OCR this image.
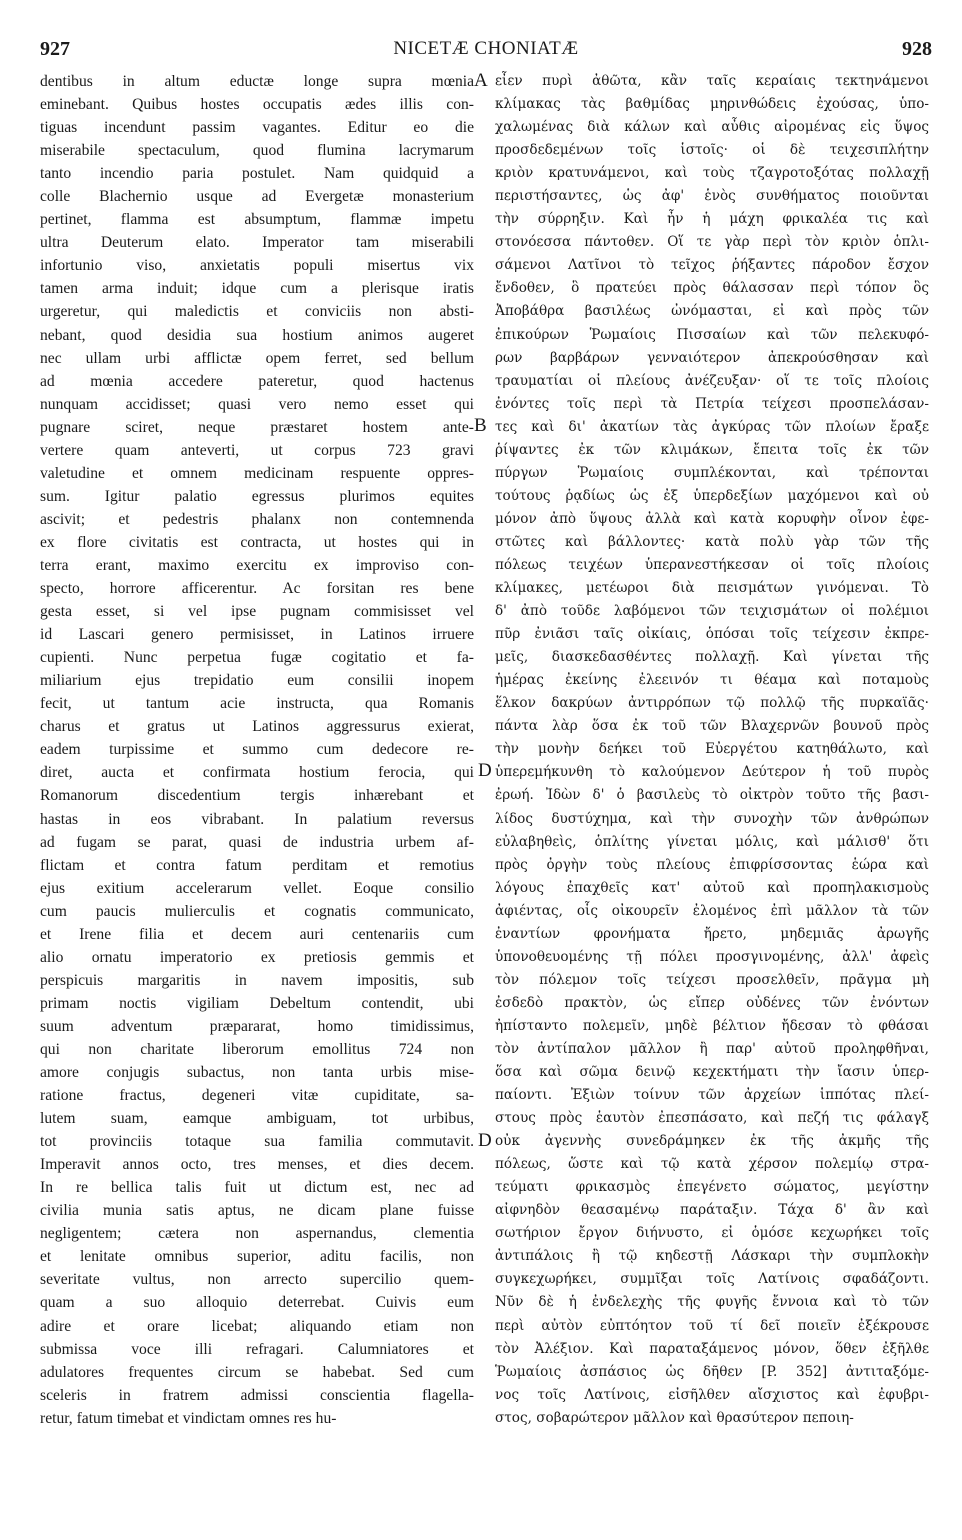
927	NICETÆ CHONIATÆ	928
dentibus in altum eductæ longe supra mœnia
eminebant. Quibus hostes occupatis ædes illis con-
tiguas incendunt passim vagantes. Editur eo die
miserabile spectaculum, quod flumina lacrymarum
tanto incendio paria postulet. Nam quidquid a
colle Blachernio usque ad Evergetæ monasterium
pertinet, flamma est absumptum, flammæ impetu
ultra Deuterum elato. Imperator tam miserabili
infortunio viso, anxietatis populi misertus vix
tamen arma induit; idque cum a plerisque iratis
urgeretur, qui maledictis et conviciis non absti-
nebant, quod desidia sua hostium animos augeret
nec ullam urbi afflictæ opem ferret, sed bellum
ad mœnia accedere pateretur, quod hactenus
nunquam accidisset; quasi vero nemo esset qui
pugnare sciret, neque præstaret hostem ante-
vertere quam anteverti, ut corpus 723 gravi
valetudine et omnem medicinam respuente oppres-
sum. Igitur palatio egressus plurimos equites
ascivit; et pedestris phalanx non contemnenda
ex flore civitatis est contracta, ut hostes qui in
terra erant, maximo exercitu ex improviso con-
specto, horrore afficerentur. Ac forsitan res bene
gesta esset, si vel ipse pugnam commisisset vel
id Lascari genero permisisset, in Latinos irruere
cupienti. Nunc perpetua fugæ cogitatio et fa-
miliarium ejus trepidatio eum consilii inopem
fecit, ut tantum acie instructa, qua Romanis
charus et gratus ut Latinos aggressurus exierat,
eadem turpissime et summo cum dedecore re-
diret, aucta et confirmata hostium ferocia, qui
Romanorum discedentium tergis inhærebant et
hastas in eos vibrabant. In palatium reversus
ad fugam se parat, quasi de industria urbem af-
flictam et contra fatum perditam et remotius
ejus exitium accelerarum vellet. Eoque consilio
cum paucis mulierculis et cognatis communicato,
et Irene filia et decem auri centenariis cum
alio ornatu imperatorio ex pretiosis gemmis et
perspicuis margaritis in navem impositis, sub
primam noctis vigiliam Debeltum contendit, ubi
suum adventum præpararat, homo timidissimus,
qui non charitate liberorum emollitus 724 non
amore conjugis subactus, non tanta urbis mise-
ratione fractus, degeneri vitæ cupiditate, sa-
lutem suam, eamque ambiguam, tot urbibus,
tot provinciis totaque sua familia commutavit.
Imperavit annos octo, tres menses, et dies decem.
In re bellica talis fuit ut dictum est, nec ad
civilia munia satis aptus, ne dicam plane fuisse
negligentem; cætera non aspernandus, clementia
et lenitate omnibus superior, aditu facilis, non
severitate vultus, non arrecto supercilio quem-
quam a suo alloquio deterrebat. Cuivis eum
adire et orare licebat; aliquando etiam non
submissa voce illi refragari. Calumniatores et
adulatores frequentes circum se habebat. Sed cum
sceleris in fratrem admissi conscientia flagella-
retur, fatum timebat et vindictam omnes res hu-
εἶεν πυρὶ ἀθῶτα, κἂν ταῖς κεραίαις τεκτηνάμενοι
κλίμακας τὰς βαθμίδας μηρινθώδεις ἐχούσας, ὑπο-
χαλωμένας διὰ κάλων καὶ αὖθις αἰρομένας εἰς ὕψος
προσδεδεμένων τοῖς ἱστοῖς· οἱ δὲ τειχεσιπλήτην
κριὸν κρατυνάμενοι, καὶ τοὺς τζαγροτοξότας πολλαχῇ
περιστήσαντες, ὡς ἀφ' ἑνὸς συνθήματος ποιοῦνται
τὴν σύρρηξιν. Καὶ ἦν ἡ μάχη φρικαλέα τις καὶ
στονόεσσα πάντοθεν. Οἵ τε γὰρ περὶ τὸν κριὸν ὁπλι-
σάμενοι Λατῖνοι τὸ τεῖχος ῥήξαντες πάροδον ἔσχον
ἔνδοθεν, ὃ πρατεύει πρὸς θάλασσαν περὶ τόπον ὃς
Ἀποβάθρα βασιλέως ὠνόμασται, εἰ καὶ πρὸς τῶν
ἐπικούρων Ῥωμαίοις Πισσαίων καὶ τῶν πελεκυφό-
ρων βαρβάρων γενναιότερον ἀπεκρούσθησαν καὶ
τραυματίαι οἱ πλείους ἀνέζευξαν· οἵ τε τοῖς πλοίοις
ἐνόντες τοῖς περὶ τὰ Πετρία τείχεσι προσπελάσαν-
τες καὶ δι' ἀκατίων τὰς ἀγκύρας τῶν πλοίων ἔραξε
ῥίψαντες ἐκ τῶν κλιμάκων, ἔπειτα τοῖς ἐκ τῶν
πύργων Ῥωμαίοις συμπλέκονται, καὶ τρέπονται
τούτους ῥᾳδίως ὡς ἐξ ὑπερδεξίων μαχόμενοι καὶ οὐ
μόνον ἀπὸ ὕψους ἀλλὰ καὶ κατὰ κορυφὴν οἷνον ἐφε-
στῶτες καὶ βάλλοντες· κατὰ πολὺ γὰρ τῶν τῆς
πόλεως τειχέων ὑπερανεστήκεσαν οἱ τοῖς πλοίοις
κλίμακες, μετέωροι διὰ πεισμάτων γινόμεναι. Τὸ
δ' ἀπὸ τοῦδε λαβόμενοι τῶν τειχισμάτων οἱ πολέμιοι
πῦρ ἐνιᾶσι ταῖς οἰκίαις, ὁπόσαι τοῖς τείχεσιν ἐκπρε-
μεῖς, διασκεδασθέντες πολλαχῇ. Καὶ γίνεται τῆς
ἡμέρας ἐκείνης ἐλεεινόν τι θέαμα καὶ ποταμοὺς
ἕλκον δακρύων ἀντιρρόπων τῷ πολλῷ τῆς πυρκαϊᾶς·
πάντα λὰρ ὅσα ἐκ τοῦ τῶν Βλαχερνῶν βουνοῦ πρὸς
τὴν μονὴν δεήκει τοῦ Εὐεργέτου κατηθάλωτο, καὶ
ὑπερεμήκυνθη τὸ καλούμενον Δεύτερον ἡ τοῦ πυρὸς
ἐρωή. Ἰδὼν δ' ὁ βασιλεὺς τὸ οἰκτρὸν τοῦτο τῆς βασι-
λίδος δυστύχημα, καὶ τὴν συνοχὴν τῶν ἀνθρώπων
εὐλαβηθεὶς, ὁπλίτης γίνεται μόλις, καὶ μάλισθ' ὅτι
πρὸς ὀργὴν τοὺς πλείους ἐπιφρίσσοντας ἑώρα καὶ
λόγους ἐπαχθεῖς κατ' αὐτοῦ καὶ προπηλακισμοὺς
ἀφιέντας, οἷς οἰκουρεῖν ἐλομένος ἐπὶ μᾶλλον τὰ τῶν
ἐναντίων φρονήματα ἤρετο, μηδεμιᾶς ἀρωγῆς
ὑπονοθευομένης τῇ πόλει προσγινομένης, ἀλλ' ἀφεὶς
τὸν πόλεμον τοῖς τείχεσι προσελθεῖν, πρᾶγμα μὴ
ἐσδεδὸ πρακτὸν, ὡς εἴπερ οὐδένες τῶν ἐνόντων
ἠπίσταντο πολεμεῖν, μηδὲ βέλτιον ἤδεσαν τὸ φθάσαι
τὸν ἀντίπαλον μᾶλλον ἢ παρ' αὐτοῦ προληφθῆναι,
ὅσα καὶ σῶμα δεινῷ κεχεκτήματι τὴν ἴασιν ὑπερ-
παίοντι. Ἐξιὼν τοίνυν τῶν ἀρχείων ἱππότας πλεί-
στους πρὸς ἑαυτὸν ἐπεσπάσατο, καὶ πεζή τις φάλαγξ
οὐκ ἀγεννὴς συνεδράμηκεν ἐκ τῆς ἀκμῆς τῆς
πόλεως, ὥστε καὶ τῷ κατὰ χέρσον πολεμίῳ στρα-
τεύματι φρικασμὸς ἐπεγένετο σώματος, μεγίστην
αἰφνηδὸν θεασαμένῳ παράταξιν. Τάχα δ' ἂν καὶ
σωτήριον ἔργον διήνυστο, εἰ ὁμόσε κεχωρήκει τοῖς
ἀντιπάλοις ἢ τῷ κηδεστῇ Λάσκαρι τὴν συμπλοκὴν
συγκεχωρήκει, συμμῖξαι τοῖς Λατίνοις σφαδάζοντι.
Νῦν δὲ ἡ ἐνδελεχὴς τῆς φυγῆς ἔννοια καὶ τὸ τῶν
περὶ αὐτὸν εὐπτόητον τοῦ τί δεῖ ποιεῖν ἐξέκρουσε
τὸν Ἀλέξιον. Καὶ παραταξάμενος μόνον, ὅθεν ἐξῆλθε
Ῥωμαίοις ἀσπάσιος ὡς δῆθεν [P. 352] ἀντιταξόμε-
νος τοῖς Λατίνοις, εἰσῆλθεν αἴσχιστος καὶ ἐφυβρι-
στος, σοβαρώτερον μᾶλλον καὶ θρασύτερον πεποιη-
A
B
D
D
